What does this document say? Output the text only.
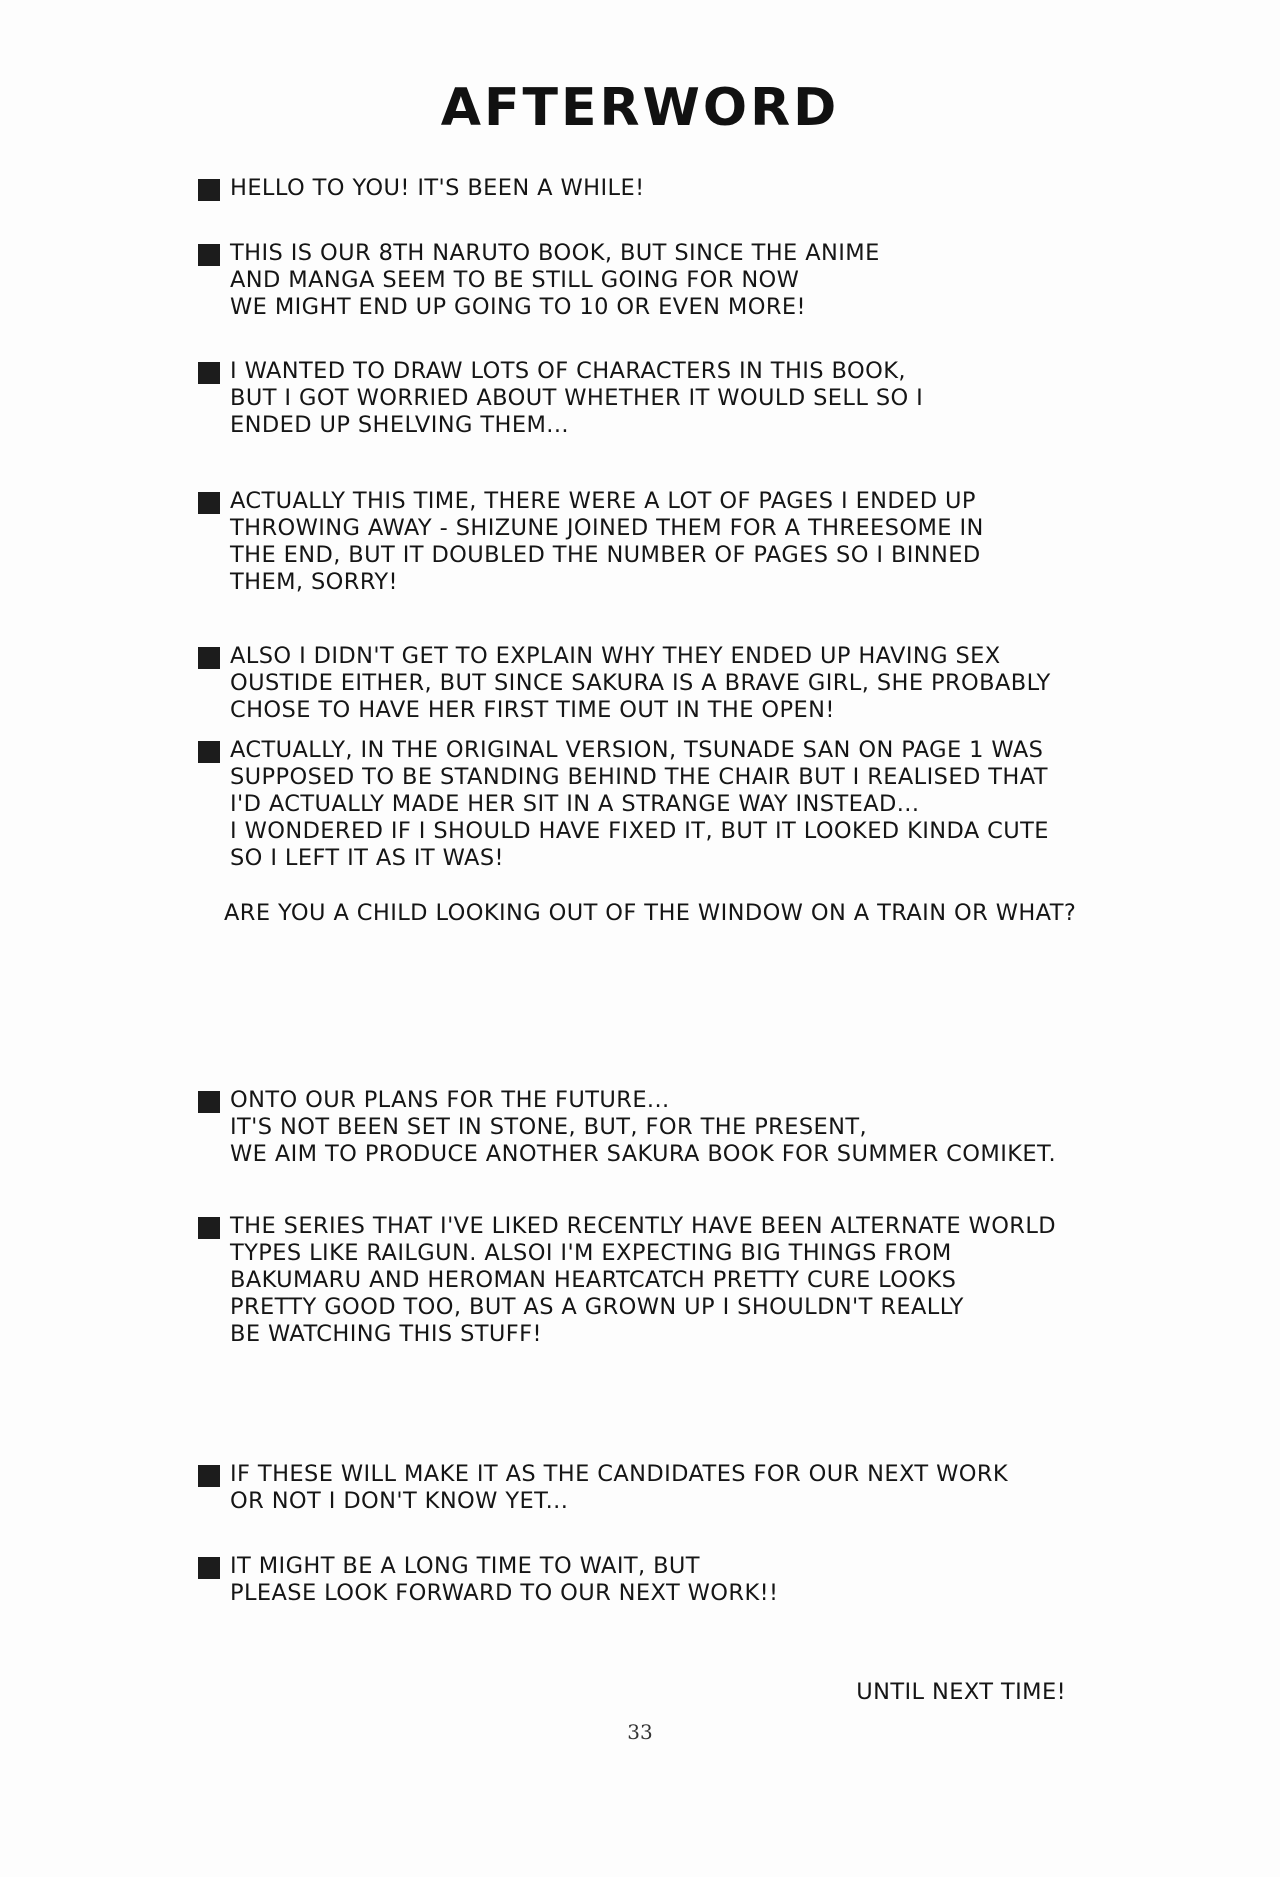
AFTERWORD
HELLO TO YOU! IT'S BEEN A WHILE!
THIS IS OUR 8TH NARUTO BOOK, BUT SINCE THE ANIME
AND MANGA SEEM TO BE STILL GOING FOR NOW
WE MIGHT END UP GOING TO 10 OR EVEN MORE!
I WANTED TO DRAW LOTS OF CHARACTERS IN THIS BOOK,
BUT I GOT WORRIED ABOUT WHETHER IT WOULD SELL SO I
ENDED UP SHELVING THEM...
ACTUALLY THIS TIME, THERE WERE A LOT OF PAGES I ENDED UP
THROWING AWAY - SHIZUNE JOINED THEM FOR A THREESOME IN
THE END, BUT IT DOUBLED THE NUMBER OF PAGES SO I BINNED
THEM, SORRY!
ALSO I DIDN'T GET TO EXPLAIN WHY THEY ENDED UP HAVING SEX
OUSTIDE EITHER, BUT SINCE SAKURA IS A BRAVE GIRL, SHE PROBABLY
CHOSE TO HAVE HER FIRST TIME OUT IN THE OPEN!
ACTUALLY, IN THE ORIGINAL VERSION, TSUNADE SAN ON PAGE 1 WAS
SUPPOSED TO BE STANDING BEHIND THE CHAIR BUT I REALISED THAT
I'D ACTUALLY MADE HER SIT IN A STRANGE WAY INSTEAD...
I WONDERED IF I SHOULD HAVE FIXED IT, BUT IT LOOKED KINDA CUTE
SO I LEFT IT AS IT WAS!
ARE YOU A CHILD LOOKING OUT OF THE WINDOW ON A TRAIN OR WHAT?
ONTO OUR PLANS FOR THE FUTURE...
IT'S NOT BEEN SET IN STONE, BUT, FOR THE PRESENT,
WE AIM TO PRODUCE ANOTHER SAKURA BOOK FOR SUMMER COMIKET.
THE SERIES THAT I'VE LIKED RECENTLY HAVE BEEN ALTERNATE WORLD
TYPES LIKE RAILGUN. ALSOI I'M EXPECTING BIG THINGS FROM
BAKUMARU AND HEROMAN HEARTCATCH PRETTY CURE LOOKS
PRETTY GOOD TOO, BUT AS A GROWN UP I SHOULDN'T REALLY
BE WATCHING THIS STUFF!
IF THESE WILL MAKE IT AS THE CANDIDATES FOR OUR NEXT WORK
OR NOT I DON'T KNOW YET...
IT MIGHT BE A LONG TIME TO WAIT, BUT
PLEASE LOOK FORWARD TO OUR NEXT WORK!!
UNTIL NEXT TIME!
33
